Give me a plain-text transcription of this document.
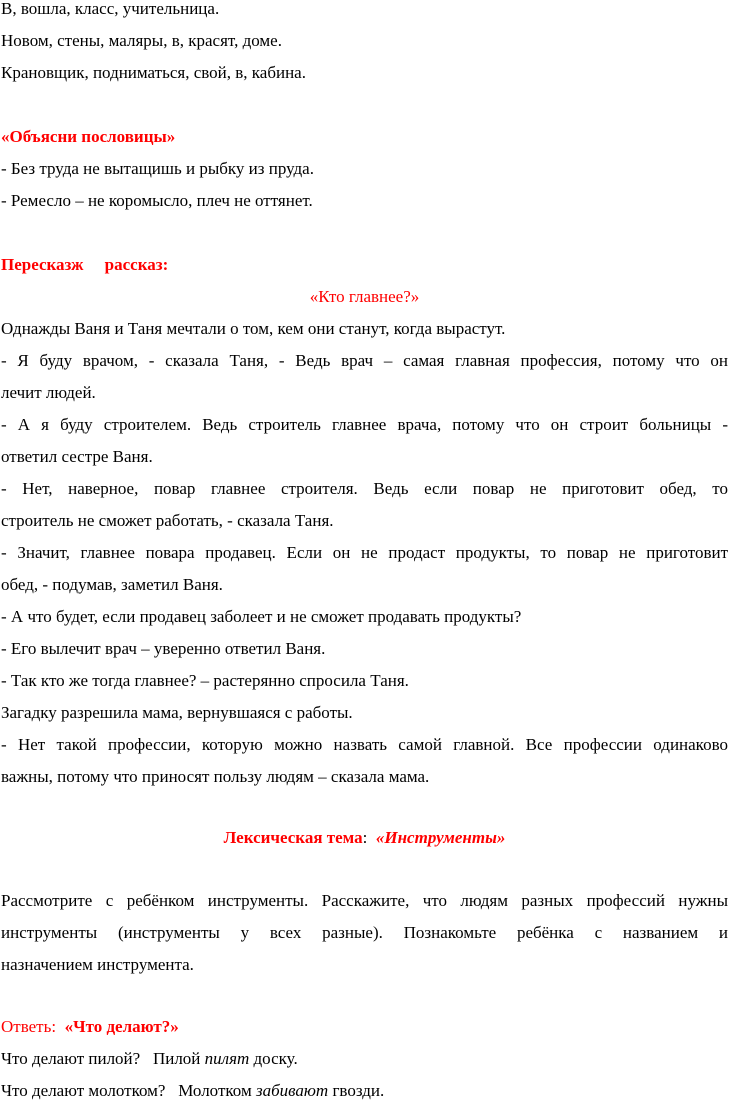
В, вошла, класс, учительница.
Новом, стены, маляры, в, красят, доме.
Крановщик, подниматься, свой, в, кабина.
«Объясни пословицы»
- Без труда не вытащишь и рыбку из пруда.
- Ремесло – не коромысло, плеч не оттянет.
Пересказж     рассказ:
«Кто главнее?»
Однажды Ваня и Таня мечтали о том, кем они станут, когда вырастут.
- Я буду врачом, - сказала Таня, - Ведь врач – самая главная профессия, потому что он
лечит людей.
- А я буду строителем. Ведь строитель главнее врача, потому что он строит больницы -
ответил сестре Ваня.
- Нет, наверное, повар главнее строителя. Ведь если повар не приготовит обед, то
строитель не сможет работать, - сказала Таня.
- Значит, главнее повара продавец. Если он не продаст продукты, то повар не приготовит
обед, - подумав, заметил Ваня.
- А что будет, если продавец заболеет и не сможет продавать продукты?
- Его вылечит врач – уверенно ответил Ваня.
- Так кто же тогда главнее? – растерянно спросила Таня.
Загадку разрешила мама, вернувшаяся с работы.
- Нет такой профессии, которую можно назвать самой главной. Все профессии одинаково
важны, потому что приносят пользу людям – сказала мама.
Лексическая тема:  «Инструменты»
Рассмотрите с ребёнком инструменты. Расскажите, что людям разных профессий нужны
инструменты (инструменты у всех разные). Познакомьте ребёнка с названием и
назначением инструмента.
Ответь:  «Что делают?»
Что делают пилой?   Пилой пилят доску.
Что делают молотком?   Молотком забивают гвозди.
